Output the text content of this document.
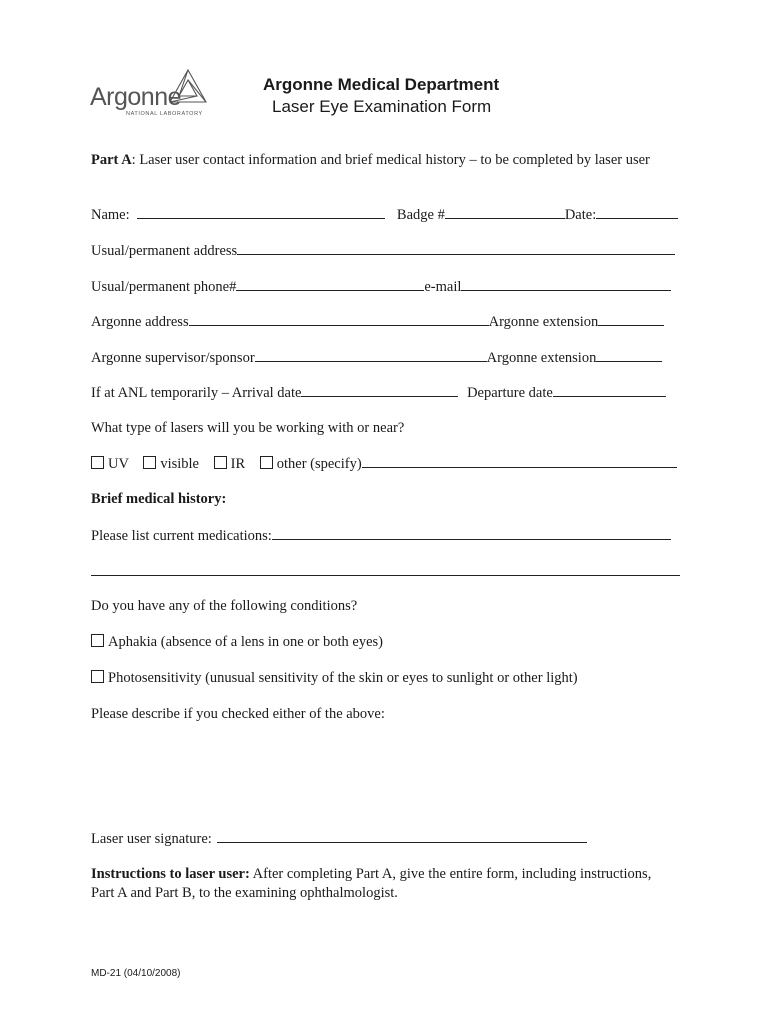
Argonne
NATIONAL LABORATORY
Argonne Medical Department
Laser Eye Examination Form
Part A: Laser user contact information and brief medical history – to be completed by laser user
Name:	Badge #	Date:
Usual/permanent address
Usual/permanent phone#	e-mail
Argonne address	Argonne extension
Argonne supervisor/sponsor	Argonne extension
If at ANL temporarily – Arrival date	Departure date
What type of lasers will you be working with or near?
UV visible IR other (specify)
Brief medical history:
Please list current medications:
Do you have any of the following conditions?
Aphakia (absence of a lens in one or both eyes)
Photosensitivity (unusual sensitivity of the skin or eyes to sunlight or other light)
Please describe if you checked either of the above:
Laser user signature:
Instructions to laser user: After completing Part A, give the entire form, including instructions,
Part A and Part B, to the examining ophthalmologist.
MD-21 (04/10/2008)
